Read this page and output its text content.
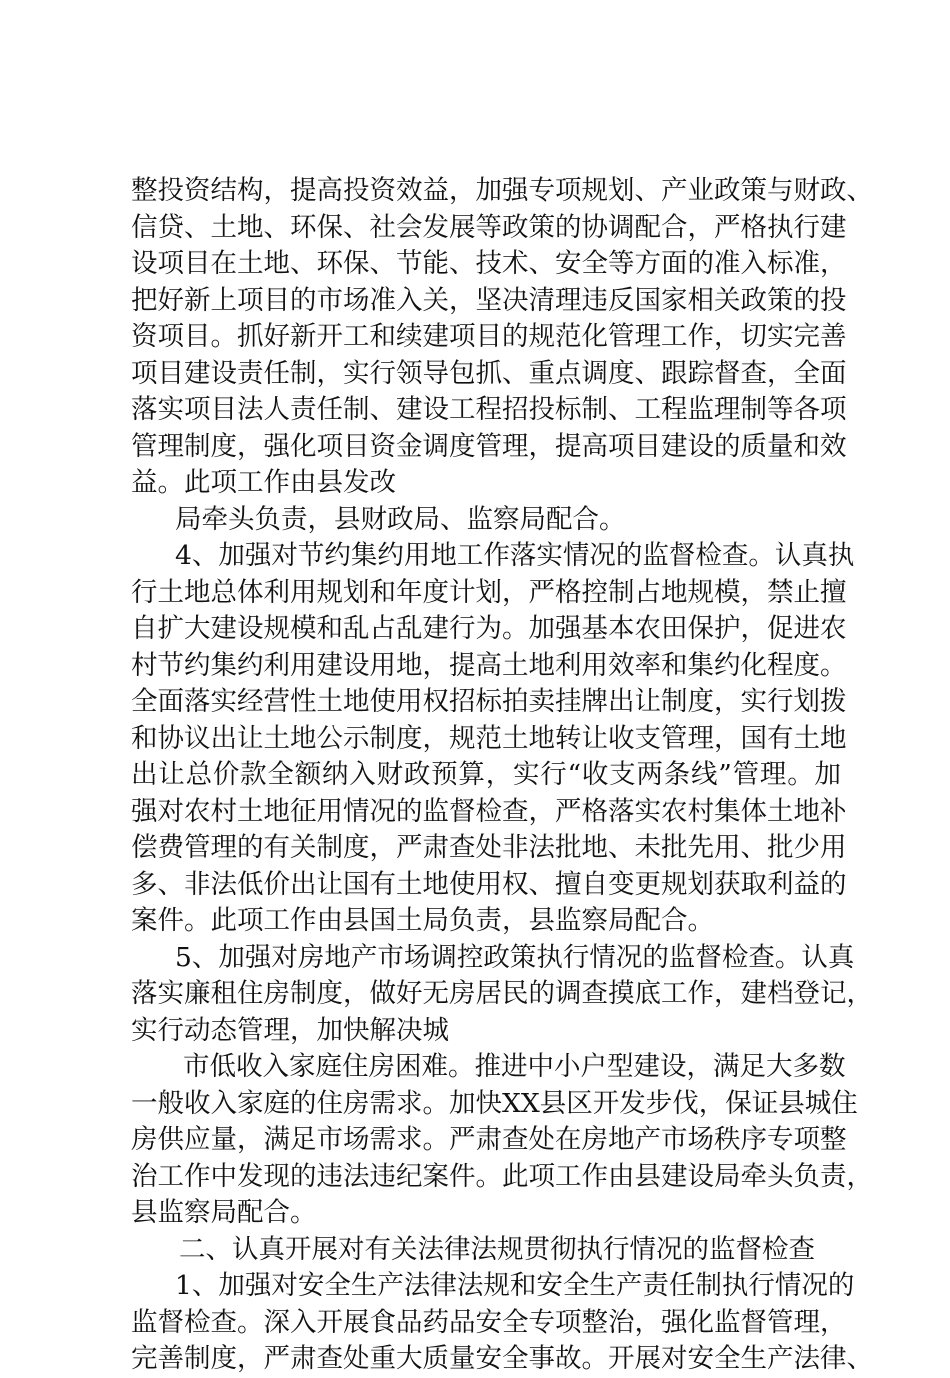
整投资结构，提高投资效益，加强专项规划、产业政策与财政、
信贷、土地、环保、社会发展等政策的协调配合，严格执行建
设项目在土地、环保、节能、技术、安全等方面的准入标准，
把好新上项目的市场准入关，坚决清理违反国家相关政策的投
资项目。抓好新开工和续建项目的规范化管理工作，切实完善
项目建设责任制，实行领导包抓、重点调度、跟踪督查，全面
落实项目法人责任制、建设工程招投标制、工程监理制等各项
管理制度，强化项目资金调度管理，提高项目建设的质量和效
益。此项工作由县发改
局牵头负责，县财政局、监察局配合。
4、加强对节约集约用地工作落实情况的监督检查。认真执
行土地总体利用规划和年度计划，严格控制占地规模，禁止擅
自扩大建设规模和乱占乱建行为。加强基本农田保护，促进农
村节约集约利用建设用地，提高土地利用效率和集约化程度。
全面落实经营性土地使用权招标拍卖挂牌出让制度，实行划拨
和协议出让土地公示制度，规范土地转让收支管理，国有土地
出让总价款全额纳入财政预算，实行“收支两条线”管理。加
强对农村土地征用情况的监督检查，严格落实农村集体土地补
偿费管理的有关制度，严肃查处非法批地、未批先用、批少用
多、非法低价出让国有土地使用权、擅自变更规划获取利益的
案件。此项工作由县国土局负责，县监察局配合。
5、加强对房地产市场调控政策执行情况的监督检查。认真
落实廉租住房制度，做好无房居民的调查摸底工作，建档登记，
实行动态管理，加快解决城
市低收入家庭住房困难。推进中小户型建设，满足大多数
一般收入家庭的住房需求。加快XX县区开发步伐，保证县城住
房供应量，满足市场需求。严肃查处在房地产市场秩序专项整
治工作中发现的违法违纪案件。此项工作由县建设局牵头负责，
县监察局配合。
二、认真开展对有关法律法规贯彻执行情况的监督检查
1、加强对安全生产法律法规和安全生产责任制执行情况的
监督检查。深入开展食品药品安全专项整治，强化监督管理，
完善制度，严肃查处重大质量安全事故。开展对安全生产法律、
